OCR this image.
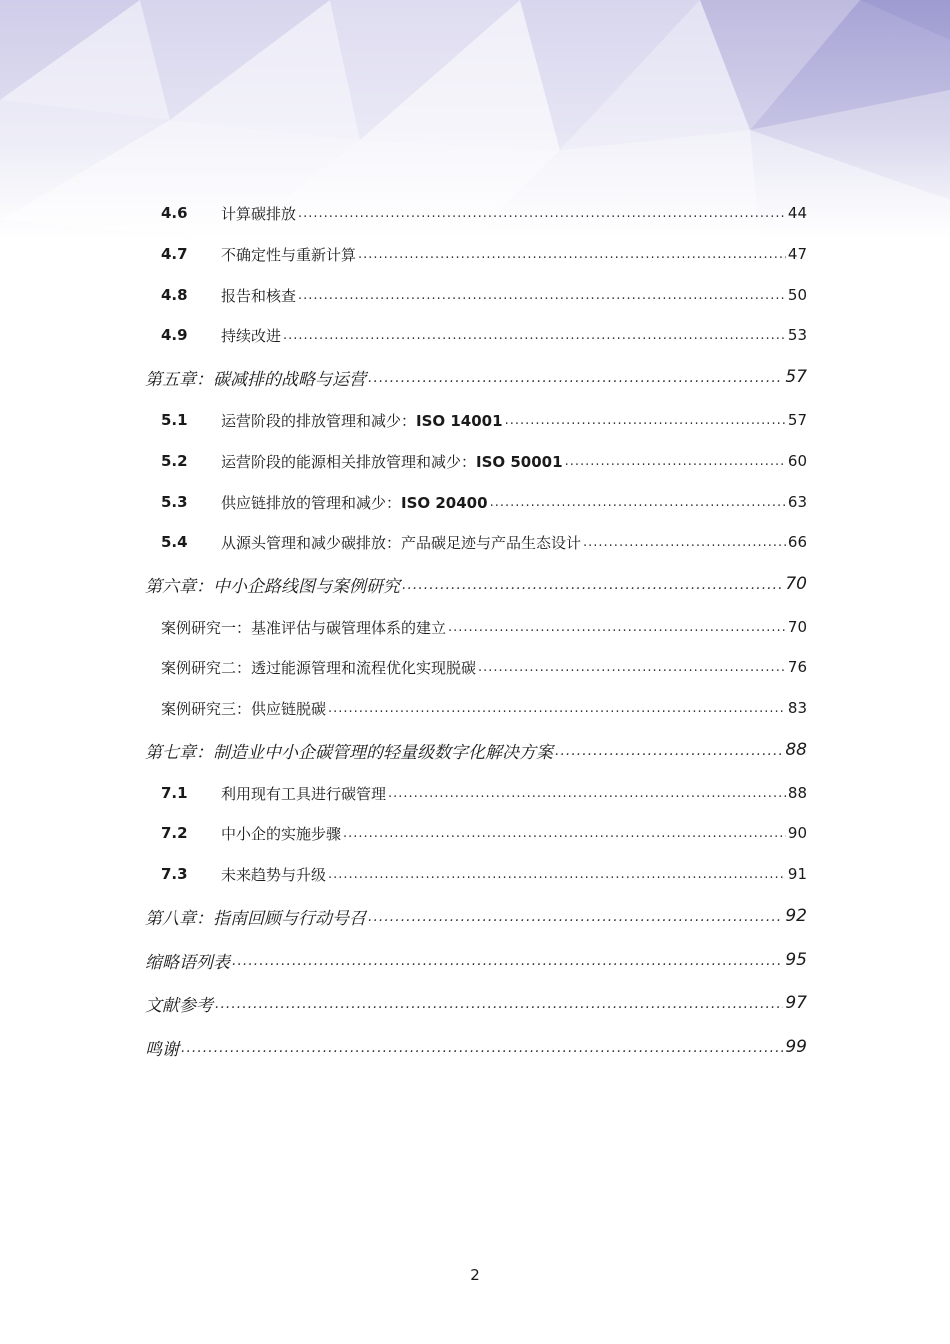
4.6	计算碳排放 .....	44
4.7	不确定性与重新计算 .....	47
4.8	报告和核查 .....	50
4.9	持续改进 .....	53
第五章：碳减排的战略与运营 .....	57
5.1	运营阶段的排放管理和减少：ISO 14001 .....	57
5.2	运营阶段的能源相关排放管理和减少：ISO 50001 .....	60
5.3	供应链排放的管理和减少：ISO 20400 .....	63
5.4	从源头管理和减少碳排放：产品碳足迹与产品生态设计 .....	66
第六章：中小企路线图与案例研究 .....	70
案例研究一：基准评估与碳管理体系的建立 .....	70
案例研究二：透过能源管理和流程优化实现脱碳 .....	76
案例研究三：供应链脱碳 .....	83
第七章：制造业中小企碳管理的轻量级数字化解决方案 .....	88
7.1	利用现有工具进行碳管理 .....	88
7.2	中小企的实施步骤 .....	90
7.3	未来趋势与升级 .....	91
第八章：指南回顾与行动号召 .....	92
缩略语列表 .....	95
文献参考 .....	97
鸣谢 .....	99
2
